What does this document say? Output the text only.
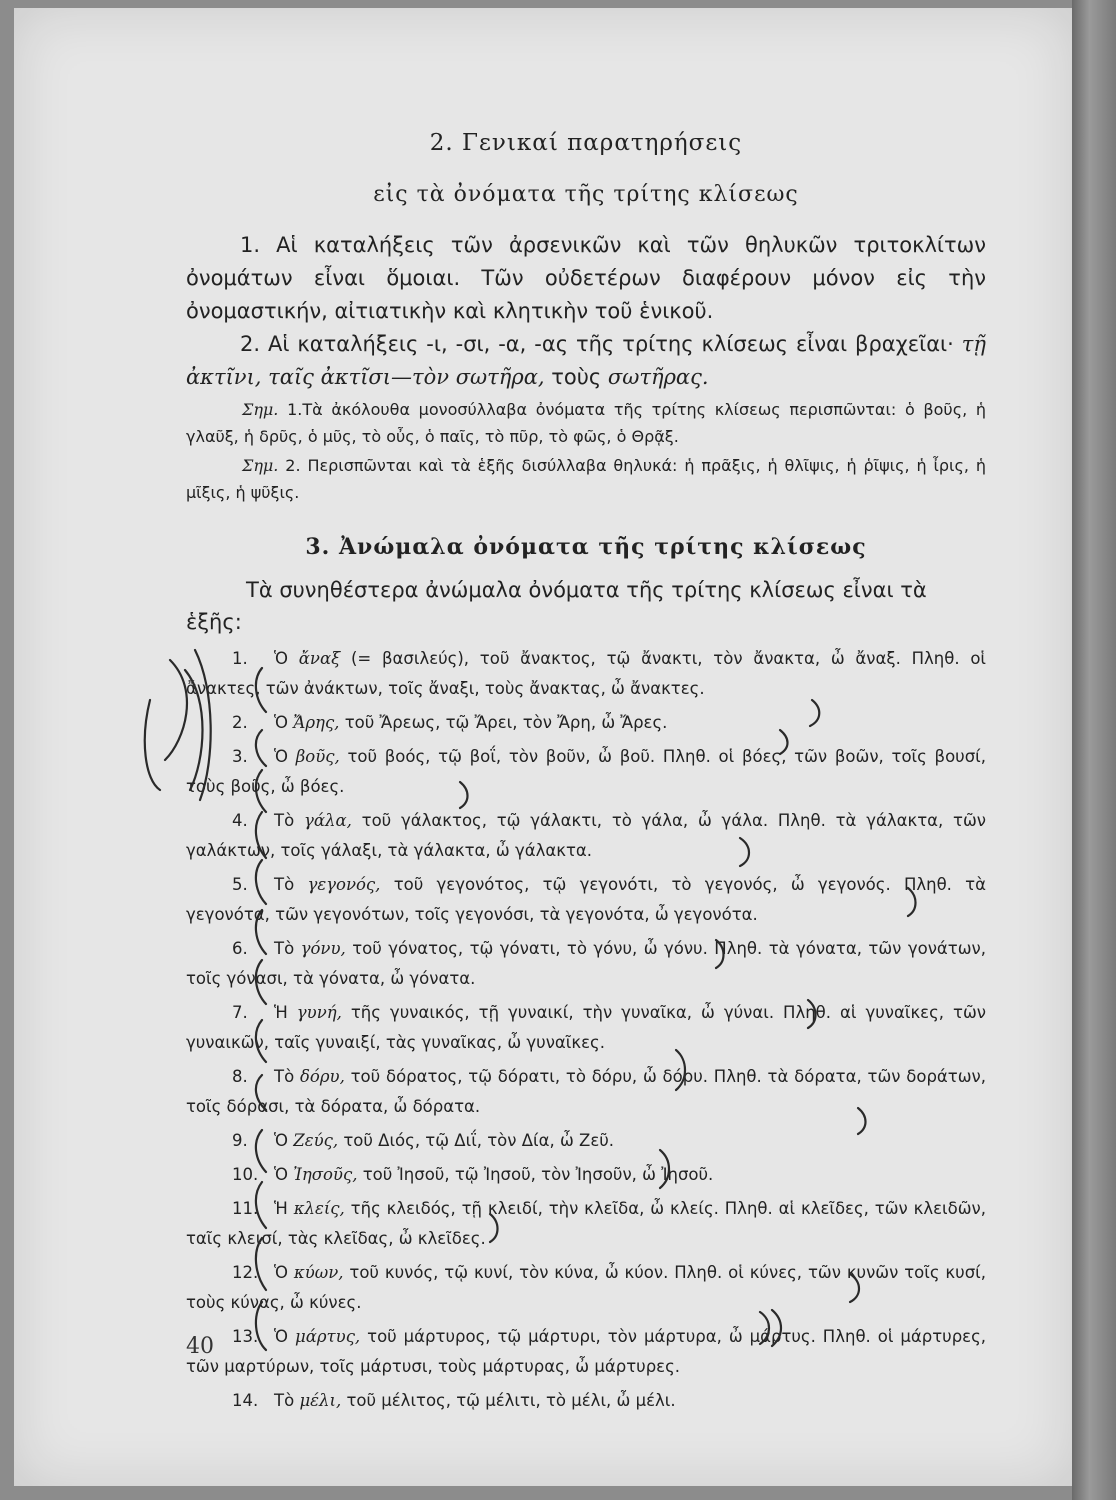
2. Γενικαί παρατηρήσεις
εἰς τὰ ὀνόματα τῆς τρίτης κλίσεως

1. Αἱ καταλήξεις τῶν ἀρσενικῶν καὶ τῶν θηλυκῶν τριτοκλίτων ὀνομάτων εἶναι ὅμοιαι. Τῶν οὐδετέρων διαφέρουν μόνον εἰς τὴν ὀνομαστικήν, αἰτιατικὴν καὶ κλητικὴν τοῦ ἑνικοῦ.

2. Αἱ καταλήξεις -ι, -σι, -α, -ας τῆς τρίτης κλίσεως εἶναι βραχεῖαι· τῇ ἀκτῖνι, ταῖς ἀκτῖσι—τὸν σωτῆρα, τοὺς σωτῆρας.

Σημ. 1.Τὰ ἀκόλουθα μονοσύλλαβα ὀνόματα τῆς τρίτης κλίσεως περισπῶνται: ὁ βοῦς, ἡ γλαῦξ, ἡ δρῦς, ὁ μῦς, τὸ οὖς, ὁ παῖς, τὸ πῦρ, τὸ φῶς, ὁ Θρᾷξ.

Σημ. 2. Περισπῶνται καὶ τὰ ἑξῆς δισύλλαβα θηλυκά: ἡ πρᾶξις, ἡ θλῖψις, ἡ ῥῖψις, ἡ ἶρις, ἡ μῖξις, ἡ ψῦξις.

3. Ἀνώμαλα ὀνόματα τῆς τρίτης κλίσεως

Τὰ συνηθέστερα ἀνώμαλα ὀνόματα τῆς τρίτης κλίσεως εἶναι τὰ ἑξῆς:

1. Ὁ ἄναξ (= βασιλεύς), τοῦ ἄνακτος, τῷ ἄνακτι, τὸν ἄνακτα, ὦ ἄναξ. Πληθ. οἱ ἄνακτες, τῶν ἀνάκτων, τοῖς ἄναξι, τοὺς ἄνακτας, ὦ ἄνακτες.
2. Ὁ Ἄρης, τοῦ Ἄρεως, τῷ Ἄρει, τὸν Ἄρη, ὦ Ἄρες.
3. Ὁ βοῦς, τοῦ βοός, τῷ βοΐ, τὸν βοῦν, ὦ βοῦ. Πληθ. οἱ βόες, τῶν βοῶν, τοῖς βουσί, τοὺς βοῦς, ὦ βόες.
4. Τὸ γάλα, τοῦ γάλακτος, τῷ γάλακτι, τὸ γάλα, ὦ γάλα. Πληθ. τὰ γάλακτα, τῶν γαλάκτων, τοῖς γάλαξι, τὰ γάλακτα, ὦ γάλακτα.
5. Τὸ γεγονός, τοῦ γεγονότος, τῷ γεγονότι, τὸ γεγονός, ὦ γεγονός. Πληθ. τὰ γεγονότα, τῶν γεγονότων, τοῖς γεγονόσι, τὰ γεγονότα, ὦ γεγονότα.
6. Τὸ γόνυ, τοῦ γόνατος, τῷ γόνατι, τὸ γόνυ, ὦ γόνυ. Πληθ. τὰ γόνατα, τῶν γονάτων, τοῖς γόνασι, τὰ γόνατα, ὦ γόνατα.
7. Ἡ γυνή, τῆς γυναικός, τῇ γυναικί, τὴν γυναῖκα, ὦ γύναι. Πληθ. αἱ γυναῖκες, τῶν γυναικῶν, ταῖς γυναιξί, τὰς γυναῖκας, ὦ γυναῖκες.
8. Τὸ δόρυ, τοῦ δόρατος, τῷ δόρατι, τὸ δόρυ, ὦ δόρυ. Πληθ. τὰ δόρατα, τῶν δοράτων, τοῖς δόρασι, τὰ δόρατα, ὦ δόρατα.
9. Ὁ Ζεύς, τοῦ Διός, τῷ Διΐ, τὸν Δία, ὦ Ζεῦ.
10. Ὁ Ἰησοῦς, τοῦ Ἰησοῦ, τῷ Ἰησοῦ, τὸν Ἰησοῦν, ὦ Ἰησοῦ.
11. Ἡ κλείς, τῆς κλειδός, τῇ κλειδί, τὴν κλεῖδα, ὦ κλείς. Πληθ. αἱ κλεῖδες, τῶν κλειδῶν, ταῖς κλεισί, τὰς κλεῖδας, ὦ κλεῖδες.
12. Ὁ κύων, τοῦ κυνός, τῷ κυνί, τὸν κύνα, ὦ κύον. Πληθ. οἱ κύνες, τῶν κυνῶν τοῖς κυσί, τοὺς κύνας, ὦ κύνες.
13. Ὁ μάρτυς, τοῦ μάρτυρος, τῷ μάρτυρι, τὸν μάρτυρα, ὦ μάρτυς. Πληθ. οἱ μάρτυρες, τῶν μαρτύρων, τοῖς μάρτυσι, τοὺς μάρτυρας, ὦ μάρτυρες.
14. Τὸ μέλι, τοῦ μέλιτος, τῷ μέλιτι, τὸ μέλι, ὦ μέλι.
40
